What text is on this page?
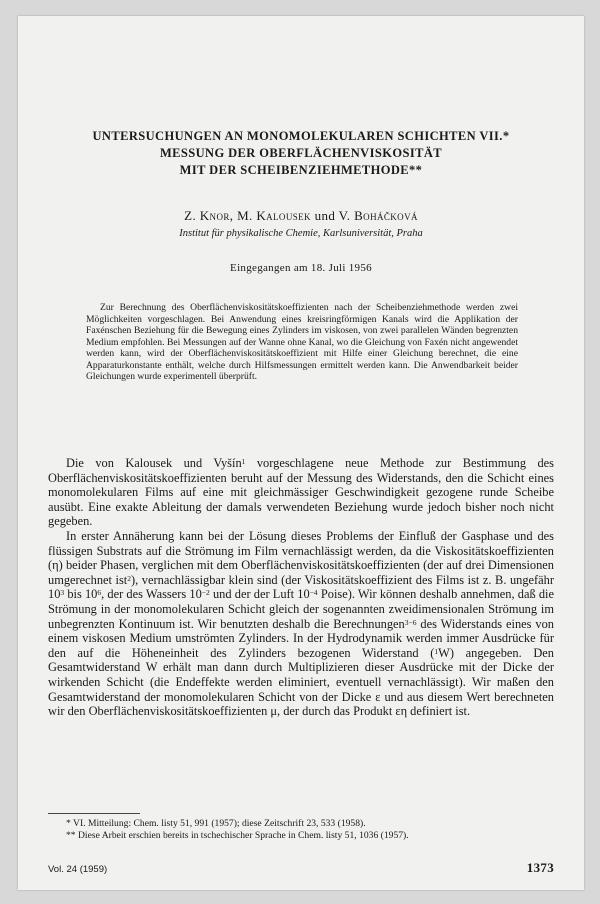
UNTERSUCHUNGEN AN MONOMOLEKULAREN SCHICHTEN VII.*
MESSUNG DER OBERFLÄCHENVISKOSITÄT
MIT DER SCHEIBENZIEHMETHODE**
Z. Knor, M. Kalousek und V. Boháčková
Institut für physikalische Chemie, Karlsuniversität, Praha
Eingegangen am 18. Juli 1956
Zur Berechnung des Oberflächenviskositätskoeffizienten nach der Scheibenziehmethode werden zwei Möglichkeiten vorgeschlagen. Bei Anwendung eines kreisringförmigen Kanals wird die Applikation der Faxénschen Beziehung für die Bewegung eines Zylinders im viskosen, von zwei parallelen Wänden begrenzten Medium empfohlen. Bei Messungen auf der Wanne ohne Kanal, wo die Gleichung von Faxén nicht angewendet werden kann, wird der Oberflächenviskositätskoeffizient mit Hilfe einer Gleichung berechnet, die eine Apparaturkonstante enthält, welche durch Hilfsmessungen ermittelt werden kann. Die Anwendbarkeit beider Gleichungen wurde experimentell überprüft.

Die von Kalousek und Vyšín$^1$ vorgeschlagene neue Methode zur Bestimmung des Oberflächenviskositätskoeffizienten beruht auf der Messung des Widerstands, den die Schicht eines monomolekularen Films auf eine mit gleichmässiger Geschwindigkeit gezogene runde Scheibe ausübt. Eine exakte Ableitung der damals verwendeten Beziehung wurde jedoch bisher noch nicht gegeben.

In erster Annäherung kann bei der Lösung dieses Problems der Einfluß der Gasphase und des flüssigen Substrats auf die Strömung im Film vernachlässigt werden, da die Viskositätskoeffizienten (η) beider Phasen, verglichen mit dem Oberflächenviskositätskoeffizienten (der auf drei Dimensionen umgerechnet ist$^2$), vernachlässigbar klein sind (der Viskositätskoeffizient des Films ist z. B. ungefähr $10^3$ bis $10^6$, der des Wassers $10^{-2}$ und der der Luft $10^{-4}$ Poise). Wir können deshalb annehmen, daß die Strömung in der monomolekularen Schicht gleich der sogenannten zweidimensionalen Strömung im unbegrenzten Kontinuum ist. Wir benutzten deshalb die Berechnungen$^{3-6}$ des Widerstands eines von einem viskosen Medium umströmten Zylinders. In der Hydrodynamik werden immer Ausdrücke für den auf die Höheneinheit des Zylinders bezogenen Widerstand ($^1$W) angegeben. Den Gesamtwiderstand W erhält man dann durch Multiplizieren dieser Ausdrücke mit der Dicke der wirkenden Schicht (die Endeffekte werden eliminiert, eventuell vernachlässigt). Wir maßen den Gesamtwiderstand der monomolekularen Schicht von der Dicke ε und aus diesem Wert berechneten wir den Oberflächenviskositätskoeffizienten μ, der durch das Produkt εη definiert ist.

* VI. Mitteilung: Chem. listy 51, 991 (1957); diese Zeitschrift 23, 533 (1958).

** Diese Arbeit erschien bereits in tschechischer Sprache in Chem. listy 51, 1036 (1957).

Vol. 24 (1959)	1373
